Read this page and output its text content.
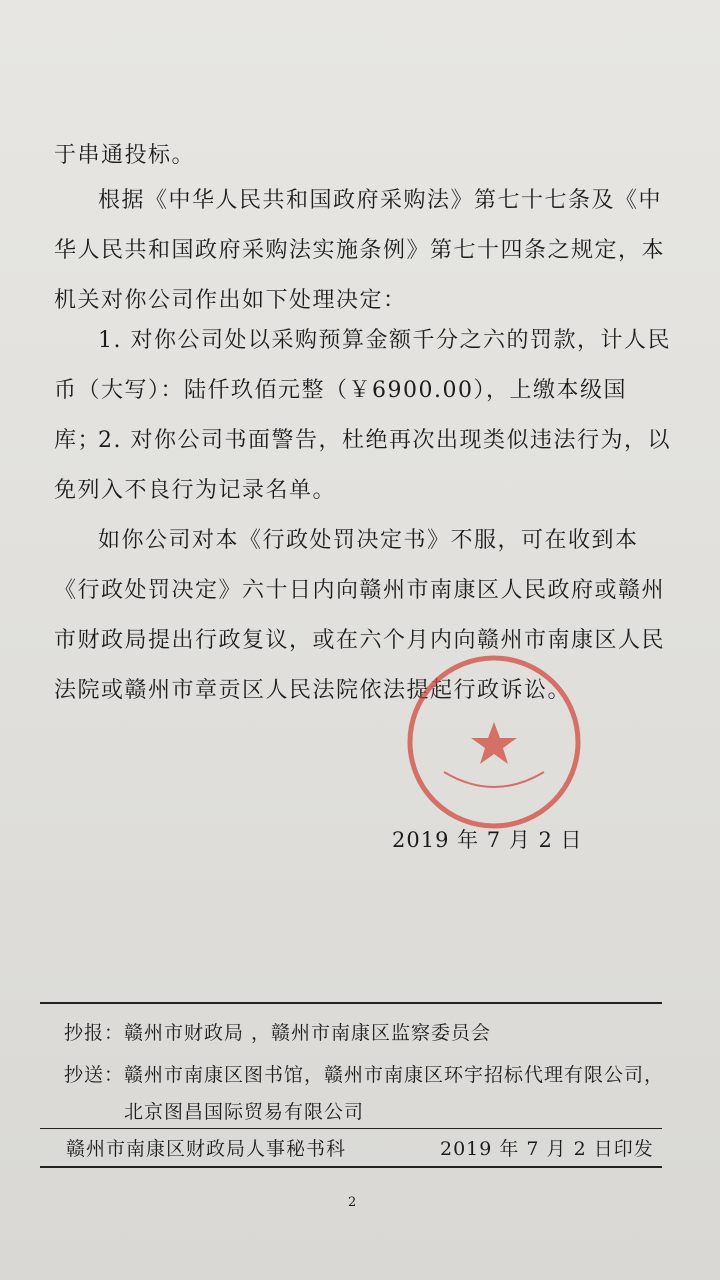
于串通投标。
根据《中华人民共和国政府采购法》第七十七条及《中华人民共和国政府采购法实施条例》第七十四条之规定，本机关对你公司作出如下处理决定：
1. 对你公司处以采购预算金额千分之六的罚款，计人民币（大写）：陆仟玖佰元整（￥6900.00），上缴本级国库；
2. 对你公司书面警告，杜绝再次出现类似违法行为，以免列入不良行为记录名单。
如你公司对本《行政处罚决定书》不服，可在收到本《行政处罚决定》六十日内向赣州市南康区人民政府或赣州市财政局提出行政复议，或在六个月内向赣州市南康区人民法院或赣州市章贡区人民法院依法提起行政诉讼。
2019 年 7 月 2 日
抄报：赣州市财政局 ，赣州市南康区监察委员会
抄送：赣州市南康区图书馆，赣州市南康区环宇招标代理有限公司，
北京图昌国际贸易有限公司
赣州市南康区财政局人事秘书科	2019 年 7 月 2 日印发
2
